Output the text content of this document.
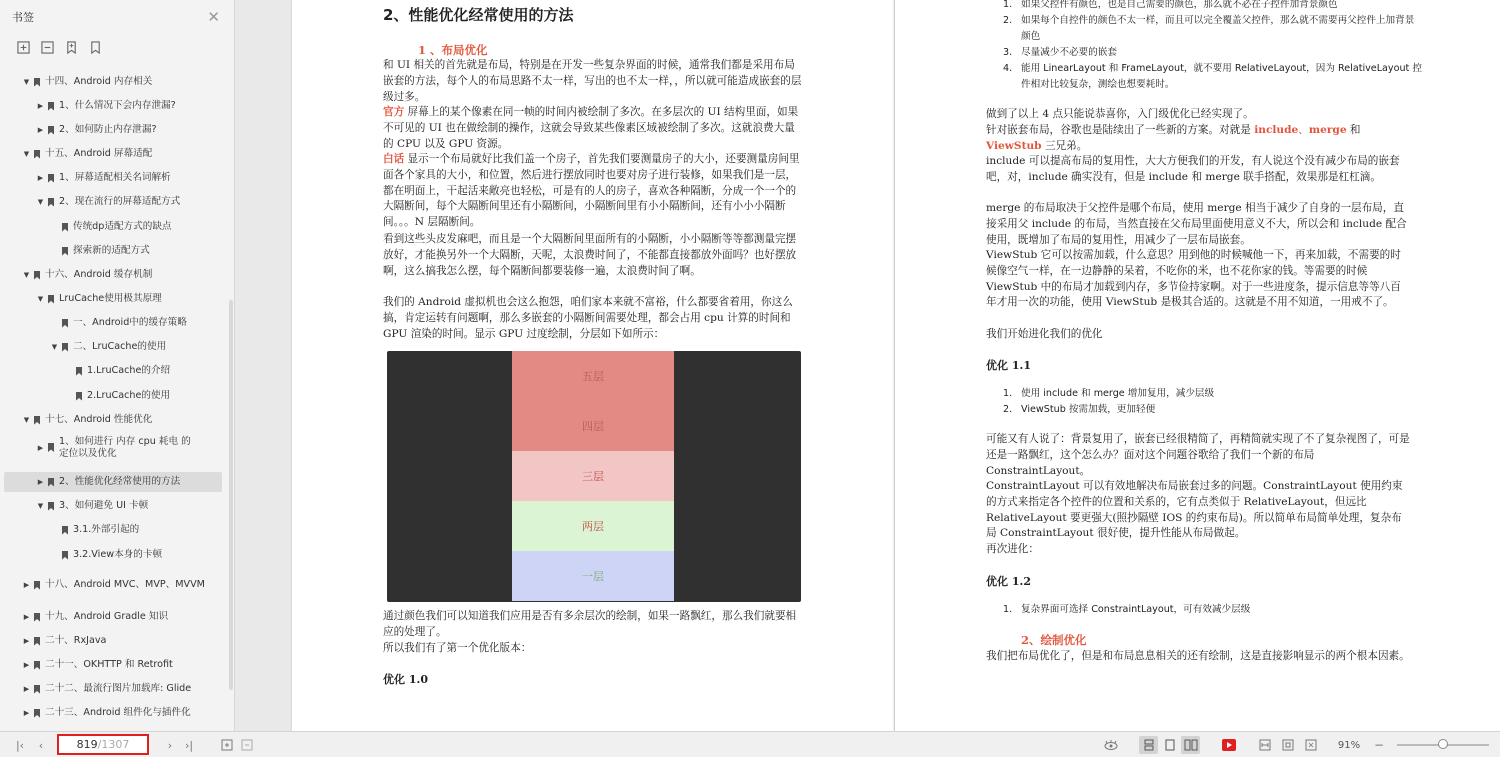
书签	✕
▼ 十四、Android 内存相关
▶ 1、什么情况下会内存泄漏?
▶ 2、如何防止内存泄漏?
▼ 十五、Android 屏幕适配
▶ 1、屏幕适配相关名词解析
▼ 2、现在流行的屏幕适配方式
传统dp适配方式的缺点
探索新的适配方式
▼ 十六、Android 缓存机制
▼ LruCache使用极其原理
一、Android中的缓存策略
▼ 二、LruCache的使用
1.LruCache的介绍
2.LruCache的使用
▼ 十七、Android 性能优化
▶
1、如何进行 内存 cpu 耗电 的定位以及优化
▶ 2、性能优化经常使用的方法
▼ 3、如何避免 UI 卡顿
3.1.外部引起的
3.2.View本身的卡顿
▶ 十八、Android MVC、MVP、MVVM
▶ 十九、Android Gradle 知识
▶ 二十、RxJava
▶ 二十一、OKHTTP 和 Retrofit
▶ 二十二、最流行图片加载库: Glide
▶ 二十三、Android 组件化与插件化
2、性能优化经常使用的方法
1 、布局优化
和 UI 相关的首先就是布局，特别是在开发一些复杂界面的时候，通常我们都是采用布局嵌套的方法，每个人的布局思路不太一样，写出的也不太一样，，所以就可能造成嵌套的层级过多。
官方 屏幕上的某个像素在同一帧的时间内被绘制了多次。在多层次的 UI 结构里面，如果不可见的 UI 也在做绘制的操作，这就会导致某些像素区域被绘制了多次。这就浪费大量的 CPU 以及 GPU 资源。
白话 显示一个布局就好比我们盖一个房子，首先我们要测量房子的大小，还要测量房间里面各个家具的大小，和位置，然后进行摆放同时也要对房子进行装修，如果我们是一层，都在明面上，干起活来敞亮也轻松，可是有的人的房子，喜欢各种隔断，分成一个一个的大隔断间，每个大隔断间里还有小隔断间，小隔断间里有小小隔断间，还有小小小隔断间。。。N 层隔断间。
看到这些头皮发麻吧，而且是一个大隔断间里面所有的小隔断，小小隔断等等都测量完摆放好，才能换另外一个大隔断，天呢，太浪费时间了，不能都直接都放外面吗？也好摆放啊，这么搞我怎么摆，每个隔断间都要装修一遍，太浪费时间了啊。
我们的 Android 虚拟机也会这么抱怨，咱们家本来就不富裕，什么都要省着用，你这么搞，肯定运转有问题啊，那么多嵌套的小隔断间需要处理，都会占用 cpu 计算的时间和 GPU 渲染的时间。显示 GPU 过度绘制，分层如下如所示：
五层
四层
三层
两层
一层
通过颜色我们可以知道我们应用是否有多余层次的绘制，如果一路飘红，那么我们就要相应的处理了。
所以我们有了第一个优化版本：
优化 1.0
1. 如果父控件有颜色，也是自己需要的颜色，那么就不必在子控件加背景颜色
2. 如果每个自控件的颜色不太一样，而且可以完全覆盖父控件，那么就不需要再父控件上加背景颜色
3. 尽量减少不必要的嵌套
4. 能用 LinearLayout 和 FrameLayout，就不要用 RelativeLayout，因为 RelativeLayout 控件相对比较复杂，测绘也想要耗时。
做到了以上 4 点只能说恭喜你，入门级优化已经实现了。
针对嵌套布局，谷歌也是陆续出了一些新的方案。对就是 include、merge 和
ViewStub 三兄弟。
include 可以提高布局的复用性，大大方便我们的开发，有人说这个没有减少布局的嵌套吧，对，include 确实没有，但是 include 和 merge 联手搭配，效果那是杠杠滴。
merge 的布局取决于父控件是哪个布局，使用 merge 相当于减少了自身的一层布局，直接采用父 include 的布局，当然直接在父布局里面使用意义不大，所以会和 include 配合使用，既增加了布局的复用性，用减少了一层布局嵌套。
ViewStub 它可以按需加载，什么意思？用到他的时候喊他一下，再来加载，不需要的时候像空气一样，在一边静静的呆着，不吃你的米，也不花你家的钱。等需要的时候 ViewStub 中的布局才加载到内存，多节俭持家啊。对于一些进度条，提示信息等等八百年才用一次的功能，使用 ViewStub 是极其合适的。这就是不用不知道，一用戒不了。
我们开始进化我们的优化
优化 1.1
1. 使用 include 和 merge 增加复用，减少层级
2. ViewStub 按需加载，更加轻便
可能又有人说了：背景复用了，嵌套已经很精简了，再精简就实现了不了复杂视图了，可是还是一路飘红，这个怎么办？面对这个问题谷歌给了我们一个新的布局 ConstraintLayout。
ConstraintLayout 可以有效地解决布局嵌套过多的问题。ConstraintLayout 使用约束的方式来指定各个控件的位置和关系的，它有点类似于 RelativeLayout，但远比 RelativeLayout 要更强大(照抄隔壁 IOS 的约束布局)。所以简单布局简单处理，复杂布局 ConstraintLayout 很好使，提升性能从布局做起。
再次进化：
优化 1.2
1. 复杂界面可选择 ConstraintLayout，可有效减少层级
2、绘制优化
我们把布局优化了，但是和布局息息相关的还有绘制，这是直接影响显示的两个根本因素。
|‹	‹	819 /1307	›	›|	91%	−
